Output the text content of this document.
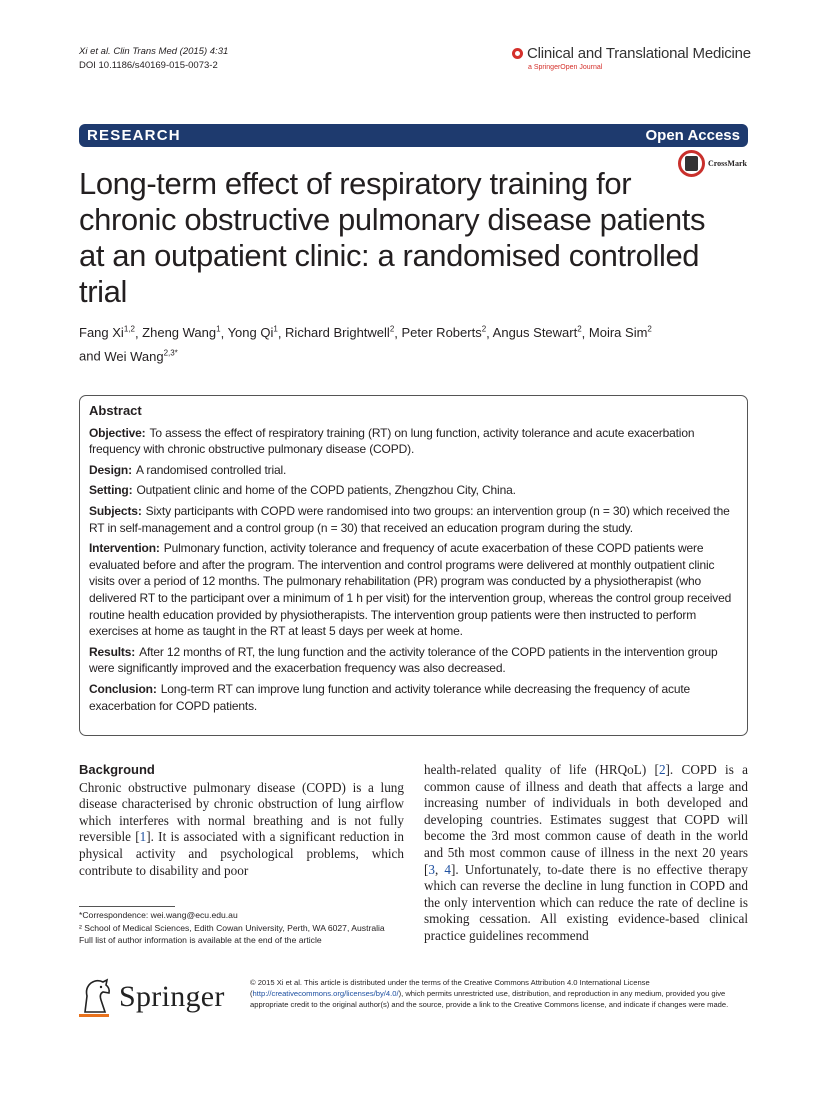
Xi et al. Clin Trans Med (2015) 4:31
DOI 10.1186/s40169-015-0073-2
Clinical and Translational Medicine
a SpringerOpen Journal
RESEARCH	Open Access
CrossMark
Long-term effect of respiratory training for chronic obstructive pulmonary disease patients at an outpatient clinic: a randomised controlled trial
Fang Xi$^{1,2}$, Zheng Wang$^1$, Yong Qi$^1$, Richard Brightwell$^2$, Peter Roberts$^2$, Angus Stewart$^2$, Moira Sim$^2$
and Wei Wang$^{2,3*}$
Abstract

Objective: To assess the effect of respiratory training (RT) on lung function, activity tolerance and acute exacerbation frequency with chronic obstructive pulmonary disease (COPD).

Design: A randomised controlled trial.

Setting: Outpatient clinic and home of the COPD patients, Zhengzhou City, China.

Subjects: Sixty participants with COPD were randomised into two groups: an intervention group (n = 30) which received the RT in self-management and a control group (n = 30) that received an education program during the study.

Intervention: Pulmonary function, activity tolerance and frequency of acute exacerbation of these COPD patients were evaluated before and after the program. The intervention and control programs were delivered at monthly outpatient clinic visits over a period of 12 months. The pulmonary rehabilitation (PR) program was conducted by a physiotherapist (who delivered RT to the participant over a minimum of 1 h per visit) for the intervention group, whereas the control group received routine health education provided by physiotherapists. The intervention group patients were then instructed to perform exercises at home as taught in the RT at least 5 days per week at home.

Results: After 12 months of RT, the lung function and the activity tolerance of the COPD patients in the intervention group were significantly improved and the exacerbation frequency was also decreased.

Conclusion: Long-term RT can improve lung function and activity tolerance while decreasing the frequency of acute exacerbation for COPD patients.

Background
Chronic obstructive pulmonary disease (COPD) is a lung disease characterised by chronic obstruction of lung airflow which interferes with normal breathing and is not fully reversible [1]. It is associated with a significant reduction in physical activity and psychological problems, which contribute to disability and poor
health-related quality of life (HRQoL) [2]. COPD is a common cause of illness and death that affects a large and increasing number of individuals in both developed and developing countries. Estimates suggest that COPD will become the 3rd most common cause of death in the world and 5th most common cause of illness in the next 20 years [3, 4]. Unfortunately, to-date there is no effective therapy which can reverse the decline in lung function in COPD and the only intervention which can reduce the rate of decline is smoking cessation. All existing evidence-based clinical practice guidelines recommend
*Correspondence: wei.wang@ecu.edu.au
² School of Medical Sciences, Edith Cowan University, Perth, WA 6027, Australia
Full list of author information is available at the end of the article
Springer	© 2015 Xi et al. This article is distributed under the terms of the Creative Commons Attribution 4.0 International License (http://creativecommons.org/licenses/by/4.0/), which permits unrestricted use, distribution, and reproduction in any medium, provided you give appropriate credit to the original author(s) and the source, provide a link to the Creative Commons license, and indicate if changes were made.
